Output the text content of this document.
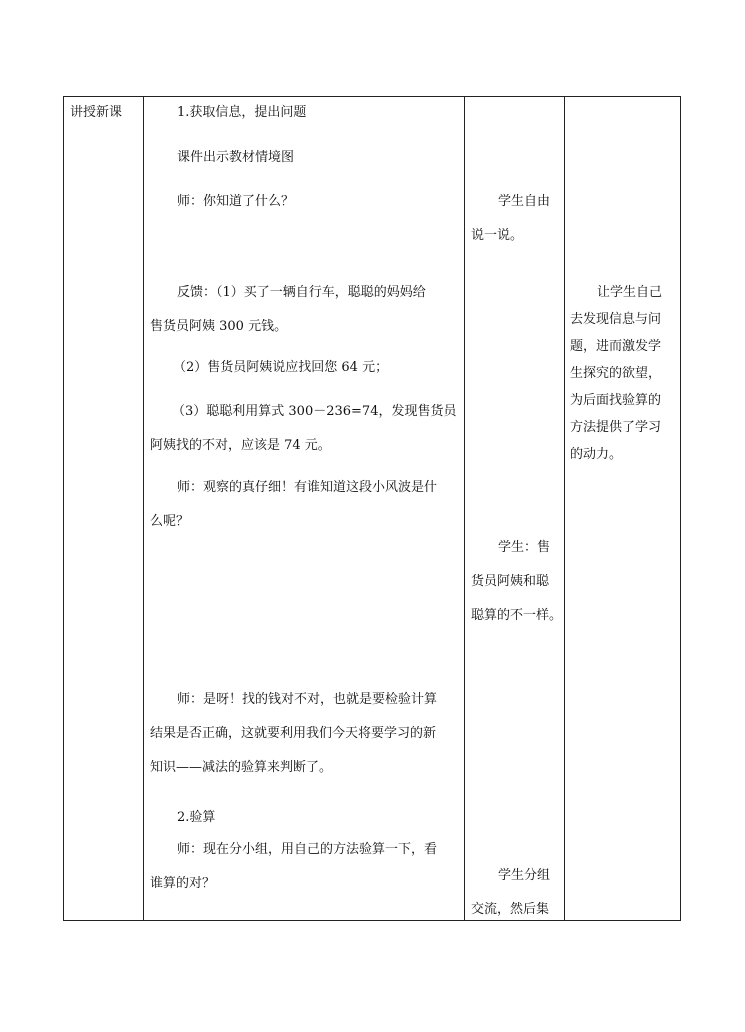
讲授新课	1.获取信息，提出问题
课件出示教材情境图
师：你知道了什么？
反馈：（1）买了一辆自行车，聪聪的妈妈给
售货员阿姨 300 元钱。
（2）售货员阿姨说应找回您 64 元；
（3）聪聪利用算式 300－236=74，发现售货员
阿姨找的不对，应该是 74 元。
师：观察的真仔细！有谁知道这段小风波是什
么呢？
师：是呀！找的钱对不对，也就是要检验计算
结果是否正确，这就要利用我们今天将要学习的新
知识——减法的验算来判断了。
2.验算
师：现在分小组，用自己的方法验算一下，看
谁算的对？
学生自由
说一说。
学生：售
货员阿姨和聪
聪算的不一样。
学生分组
交流，然后集
让学生自己
去发现信息与问
题，进而激发学
生探究的欲望，
为后面找验算的
方法提供了学习
的动力。
